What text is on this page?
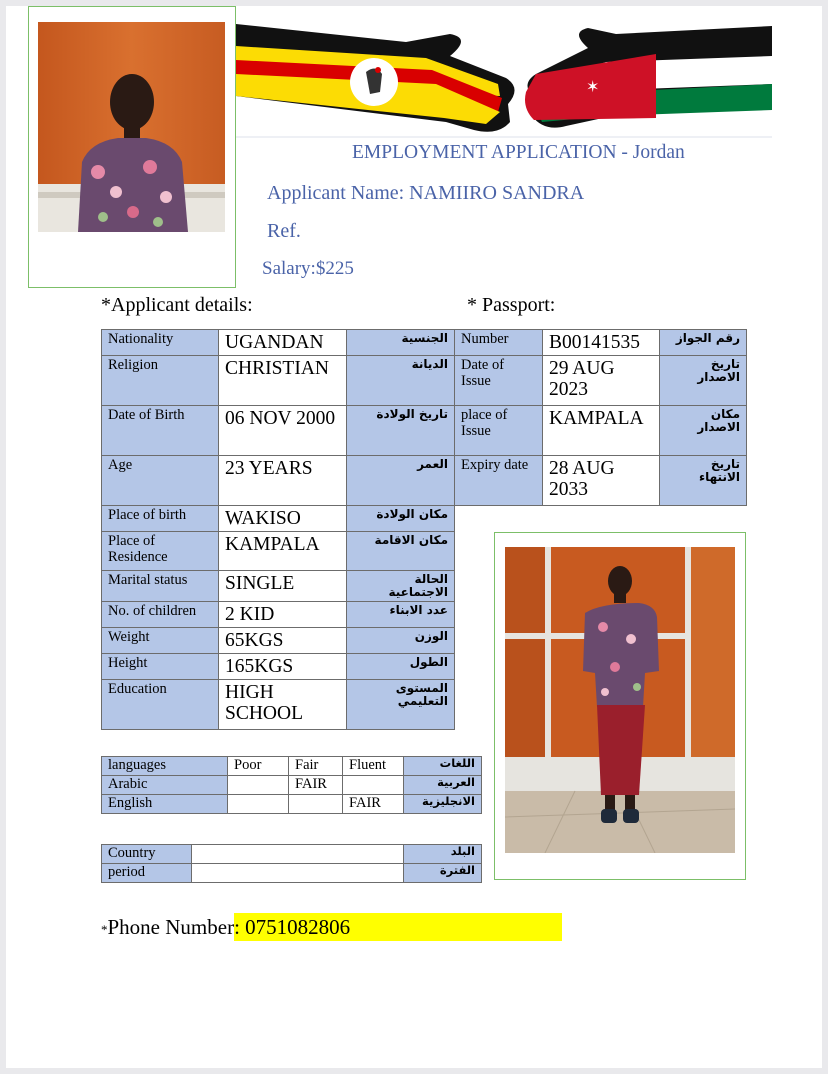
✶
EMPLOYMENT APPLICATION - Jordan
Applicant Name: NAMIIRO SANDRA
Ref.
Salary:$225
*Applicant details:	* Passport:
Nationality	UGANDAN	الجنسية
Religion	CHRISTIAN	الديانة
Date of Birth	06 NOV 2000	تاريخ الولادة
Age	23 YEARS	العمر
Place of birth	WAKISO	مكان الولادة
Place of Residence	KAMPALA	مكان الاقامة
Marital status	SINGLE	الحالة الاجتماعية
No. of children	2 KID	عدد الابناء
Weight	65KGS	الوزن
Height	165KGS	الطول
Education	HIGH SCHOOL	المستوى التعليمي
Number	B00141535	رقم الجواز
Date of Issue	29 AUG 2023	تاريخ الاصدار
place of Issue	KAMPALA	مكان الاصدار
Expiry date	28 AUG 2033	تاريخ الانتهاء
languages	Poor	Fair	Fluent	اللغات
Arabic		FAIR		العربية
English			FAIR	الانجليزية
Country		البلد
period		الفترة
*Phone Number: 0751082806
